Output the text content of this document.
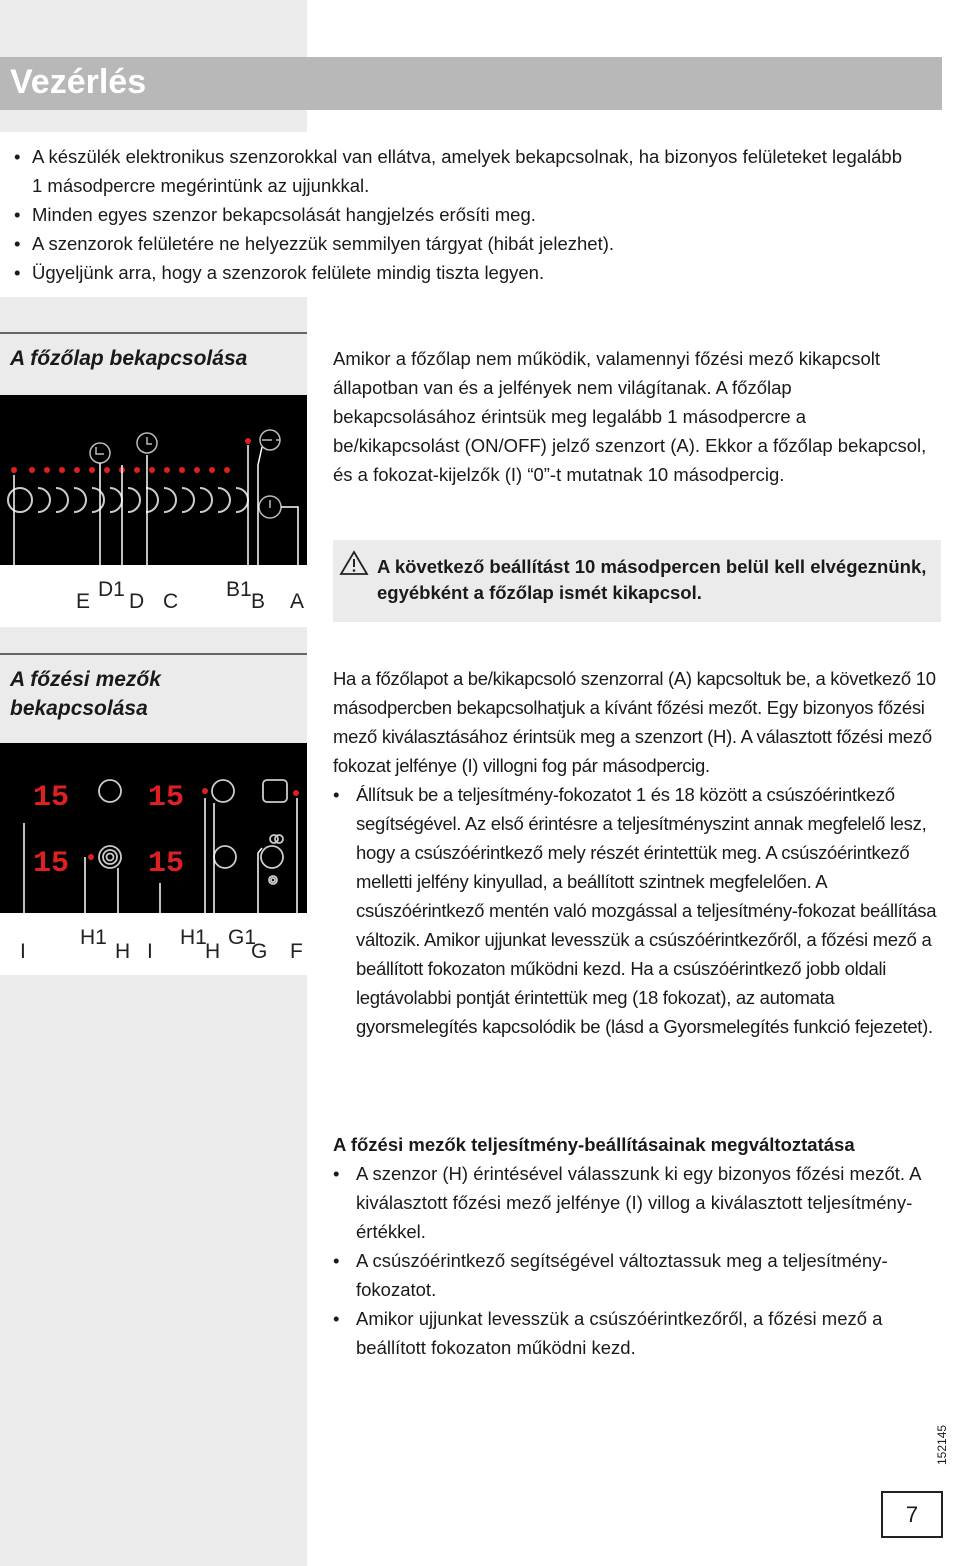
Vezérlés
• A készülék elektronikus szenzorokkal van ellátva, amelyek bekapcsolnak, ha bizonyos felületeket legalább 1 másodpercre megérintünk az ujjunkkal.
• Minden egyes szenzor bekapcsolását hangjelzés erősíti meg.
• A szenzorok felületére ne helyezzük semmilyen tárgyat (hibát jelezhet).
• Ügyeljünk arra, hogy a szenzorok felülete mindig tiszta legyen.
A főzőlap bekapcsolása
E
D1
D C
B1
B A
Amikor a főzőlap nem működik, valamennyi főzési mező kikapcsolt állapotban van és a jelfények nem világítanak. A főzőlap bekapcsolásához érintsük meg legalább 1 másodpercre a be/kikapcsolást (ON/OFF) jelző szenzort (A). Ekkor a főzőlap bekapcsol, és a fokozat-kijelzők (I) “0”-t mutatnak 10 másodpercig.

A következő beállítást 10 másodpercen belül kell elvégeznünk, egyébként a főzőlap ismét kikapcsol.

A főzési mezők
bekapcsolása
15
15
15
15
I
H1
H I
H1
H
G1
G F

Ha a főzőlapot a be/kikapcsoló szenzorral (A) kapcsoltuk be, a következő 10 másodpercben bekapcsolhatjuk a kívánt főzési mezőt. Egy bizonyos főzési mező kiválasztásához érintsük meg a szenzort (H). A választott főzési mező fokozat jelfénye (I) villogni fog pár másodpercig.

• Állítsuk be a teljesítmény-fokozatot 1 és 18 között a csúszóérintkező segítségével. Az első érintésre a teljesítményszint annak megfelelő lesz, hogy a csúszóérintkező mely részét érintettük meg. A csúszóérintkező melletti jelfény kinyullad, a beállított szintnek megfelelően. A csúszóérintkező mentén való mozgással a teljesítmény-fokozat beállítása változik. Amikor ujjunkat levesszük a csúszóérintkezőről, a főzési mező a beállított fokozaton működni kezd. Ha a csúszóérintkező jobb oldali legtávolabbi pontját érintettük meg (18 fokozat), az automata gyorsmelegítés kapcsolódik be (lásd a Gyorsmelegítés funkció fejezetet).
A főzési mezők teljesítmény-beállításainak megváltoztatása
• A szenzor (H) érintésével válasszunk ki egy bizonyos főzési mezőt. A kiválasztott főzési mező jelfénye (I) villog a kiválasztott teljesítmény-értékkel.
• A csúszóérintkező segítségével változtassuk meg a teljesítmény-fokozatot.
• Amikor ujjunkat levesszük a csúszóérintkezőről, a főzési mező a beállított fokozaton működni kezd.
152145
7
